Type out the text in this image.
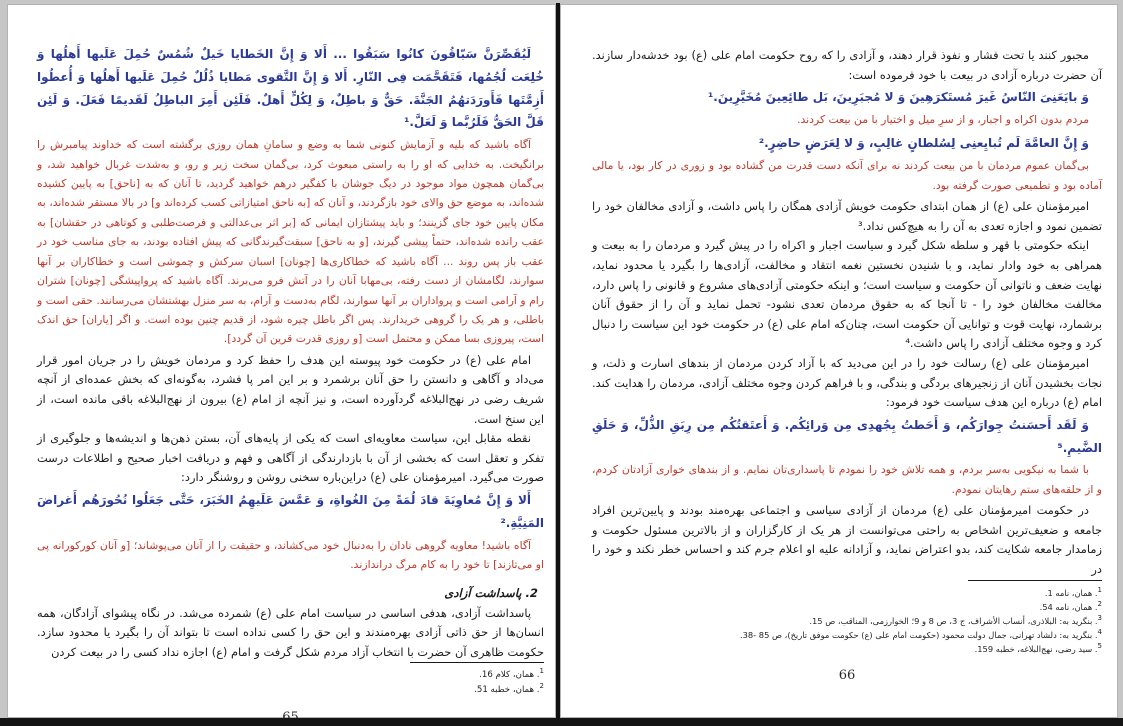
لَيُقَصِّرَنَّ سَبّاقُونَ كانُوا سَبَقُوا ... أَلا وَ إِنَّ الخَطايا خَيلٌ شُمُسٌ حُمِلَ عَلَيها أَهلُها وَ خُلِعَت لُجُمُها، فَتَقَحَّمَت فِى النّارِ. أَلا وَ إِنَّ التَّقوى مَطايا ذُلُلٌ حُمِلَ عَلَيها أَهلُها وَ أُعطُوا أَزِمَّتَها فَأَورَدَتهُمُ الجَنَّةَ. حَقٌّ وَ باطِلٌ، وَ لِكُلٍّ أَهلٌ. فَلَئِن أَمِرَ الباطِلُ لَقَديمًا فَعَلَ. وَ لَئِن قَلَّ الحَقُّ فَلَرُبَّما وَ لَعَلَّ.¹

آگاه باشید که بلیه و آزمایش کنونی شما به وضع و سامانِ همان روزی برگشته است که خداوند پیامبرش را برانگیخت. به خدایی که او را به راستی مبعوث کرد، بی‌گمان سخت زیر و رو، و به‌شدت غربال خواهید شد، و بی‌گمان همچون مواد موجود در دیگ جوشان با کفگیر درهم خواهید گردید، تا آنان که به [ناحق] به پایین کشیده شده‌اند، به موضع حق والای خود بازگردند، و آنان که [به ناحق امتیازاتی کسب کرده‌اند و] در بالا مستقر شده‌اند، به مکان پایین خود جای گزینند؛ و باید پیشتازان ایمانی که [بر اثر بی‌عدالتی و فرصت‌طلبی و کوتاهی در حقشان] به عقب رانده شده‌اند، حتماً پیشی گیرند، [و به ناحق] سبقت‌گیرندگانی که پیش افتاده بودند، به جای مناسب خود در عقب باز پس روند ... آگاه باشید که خطاکاری‌ها [چونان] اسبان سرکش و چموشی است و خطاکاران بر آنها سوارند، لگامشان از دست رفته، بی‌مهابا آنان را در آتش فرو می‌برند. آگاه باشید که پرواپیشگی [چونان] شتران رام و آرامی است و پرواداران بر آنها سوارند، لگام به‌دست و آرام، به سر منزل بهشتشان می‌رسانند. حقی است و باطلی، و هر یک را گروهی خریدارند. پس اگر باطل چیره شود، از قدیم چنین بوده است. و اگر [یاران] حق اندک است، پیروزی بسا ممکن و محتمل است [و روزی قدرت قرین آن گردد].

امام علی (ع) در حکومت خود پیوسته این هدف را حفظ کرد و مردمان خویش را در جریان امور قرار می‌داد و آگاهی و دانستن را حق آنان برشمرد و بر این امر پا فشرد، به‌گونه‌ای که بخش عمده‌ای از آنچه شریف رضی در نهج‌البلاغه گردآورده است، و نیز آنچه از امام (ع) بیرون از نهج‌البلاغه باقی مانده است، از این سنخ است.

نقطه مقابل این، سیاست معاویه‌ای است که یکی از پایه‌های آن، بستن ذهن‌ها و اندیشه‌ها و جلوگیری از تفکر و تعقل است که بخشی از آن با بازدارندگی از آگاهی و فهم و دریافت اخبار صحیح و اطلاعات درست صورت می‌گیرد. امیرمؤمنان علی (ع) دراین‌باره سخنی روشن و روشنگر دارد:

أَلا وَ إِنَّ مُعاوِيَةَ قادَ لُمَةً مِنَ الغُواةِ، وَ عَمَّسَ عَلَيهِمُ الخَبَرَ، حَتَّى جَعَلُوا نُحُورَهُم أَغراضَ المَنِيَّةِ.²

آگاه باشید! معاویه گروهی نادان را به‌دنبال خود می‌کشاند، و حقیقت را از آنان می‌پوشاند؛ [و آنان کورکورانه پی او می‌تازند] تا خود را به کام مرگ دراندازند.

2. پاسداشت آزادی

پاسداشت آزادی، هدفی اساسی در سیاست امام علی (ع) شمرده می‌شد. در نگاه پیشوای آزادگان، همه انسان‌ها از حق ذاتی آزادی بهره‌مندند و این حق را کسی نداده است تا بتواند آن را بگیرد یا محدود سازد. حکومت ظاهری آن حضرت با انتخاب آزاد مردم شکل گرفت و امام (ع) اجازه نداد کسی را در بیعت کردن

$^1$. همان، کلام 16.
$^2$. همان، خطبه 51.

مجبور کنند یا تحت فشار و نفوذ قرار دهند، و آزادی را که روح حکومت امام علی (ع) بود خدشه‌دار سازند. آن حضرت درباره آزادی در بیعت با خود فرموده است:

وَ بايَعَنِىَ النّاسُ غَيرَ مُستَكرَهِينَ وَ لا مُجبَرِينَ، بَل طائِعِينَ مُخَيَّرِينَ.¹

مردم بدون اکراه و اجبار، و از سرِ میل و اختیار با من بیعت کردند.

وَ إِنَّ العامَّةَ لَم تُبايِعنِى لِسُلطانٍ غالِبٍ، وَ لا لِعَرَضٍ حاضِرٍ.²

بی‌گمان عموم مردمان با من بیعت کردند نه برای آنکه دست قدرت من گشاده بود و زوری در کار بود، یا مالی آماده بود و تطمیعی صورت گرفته بود.

امیرمؤمنان علی (ع) از همان ابتدای حکومت خویش آزادی همگان را پاس داشت، و آزادی مخالفان خود را تضمین نمود و اجازه تعدی به آن را به هیچ‌کس نداد.³

اینکه حکومتی با قهر و سلطه شکل گیرد و سیاست اجبار و اکراه را در پیش گیرد و مردمان را به بیعت و همراهی به خود وادار نماید، و با شنیدن نخستین نغمه انتقاد و مخالفت، آزادی‌ها را بگیرد یا محدود نماید، نهایت ضعف و ناتوانی آن حکومت و سیاست است؛ و اینکه حکومتی آزادی‌های مشروع و قانونی را پاس دارد، مخالفت مخالفان خود را - تا آنجا که به حقوق مردمان تعدی نشود- تحمل نماید و آن را از حقوق آنان برشمارد، نهایت قوت و توانایی آن حکومت است، چنان‌که امام علی (ع) در حکومت خود این سیاست را دنبال کرد و وجوه مختلف آزادی را پاس داشت.⁴

امیرمؤمنان علی (ع) رسالت خود را در این می‌دید که با آزاد کردن مردمان از بندهای اسارت و ذلت، و نجات بخشیدن آنان از زنجیرهای بردگی و بندگی، و با فراهم کردن وجوه مختلف آزادی، مردمان را هدایت کند. امام (ع) درباره این هدف سیاست خود فرمود:

وَ لَقَد أَحسَنتُ جِوارَكُم، وَ أَحَطتُ بِجُهدِى مِن وَرائِكُم. وَ أَعتَقتُكُم مِن رِبَقِ الذُّلِّ، وَ حَلَقِ الضَّيمِ.⁵

با شما به نیکویی به‌سر بردم، و همه تلاش خود را نمودم تا پاسداری‌تان نمایم. و از بندهای خواری آزادتان کردم، و از حلقه‌های ستم رهایتان نمودم.

در حکومت امیرمؤمنان علی (ع) مردمان از آزادی سیاسی و اجتماعی بهره‌مند بودند و پایین‌ترین افراد جامعه و ضعیف‌ترین اشخاص به راحتی می‌توانست از هر یک از کارگزاران و از بالاترین مسئول حکومت و زمامدار جامعه شکایت کند، بدو اعتراض نماید، و آزادانه علیه او اعلام جرم کند و احساس خطر نکند و خود را در

$^1$. همان، نامه 1.
$^2$. همان، نامه 54.
$^3$. بنگرید به: البلاذری، أنساب الأشراف، ج 3، ص 8 و 9؛ الخوارزمی، المناقب، ص 15.
$^4$. بنگرید به: دلشاد تهرانی، جمال دولت محمود (حکومت امام علی (ع) حکومت موفق تاریخ)، ص 85 -38.
$^5$. سید رضی، نهج‌البلاغه، خطبه 159.
66
